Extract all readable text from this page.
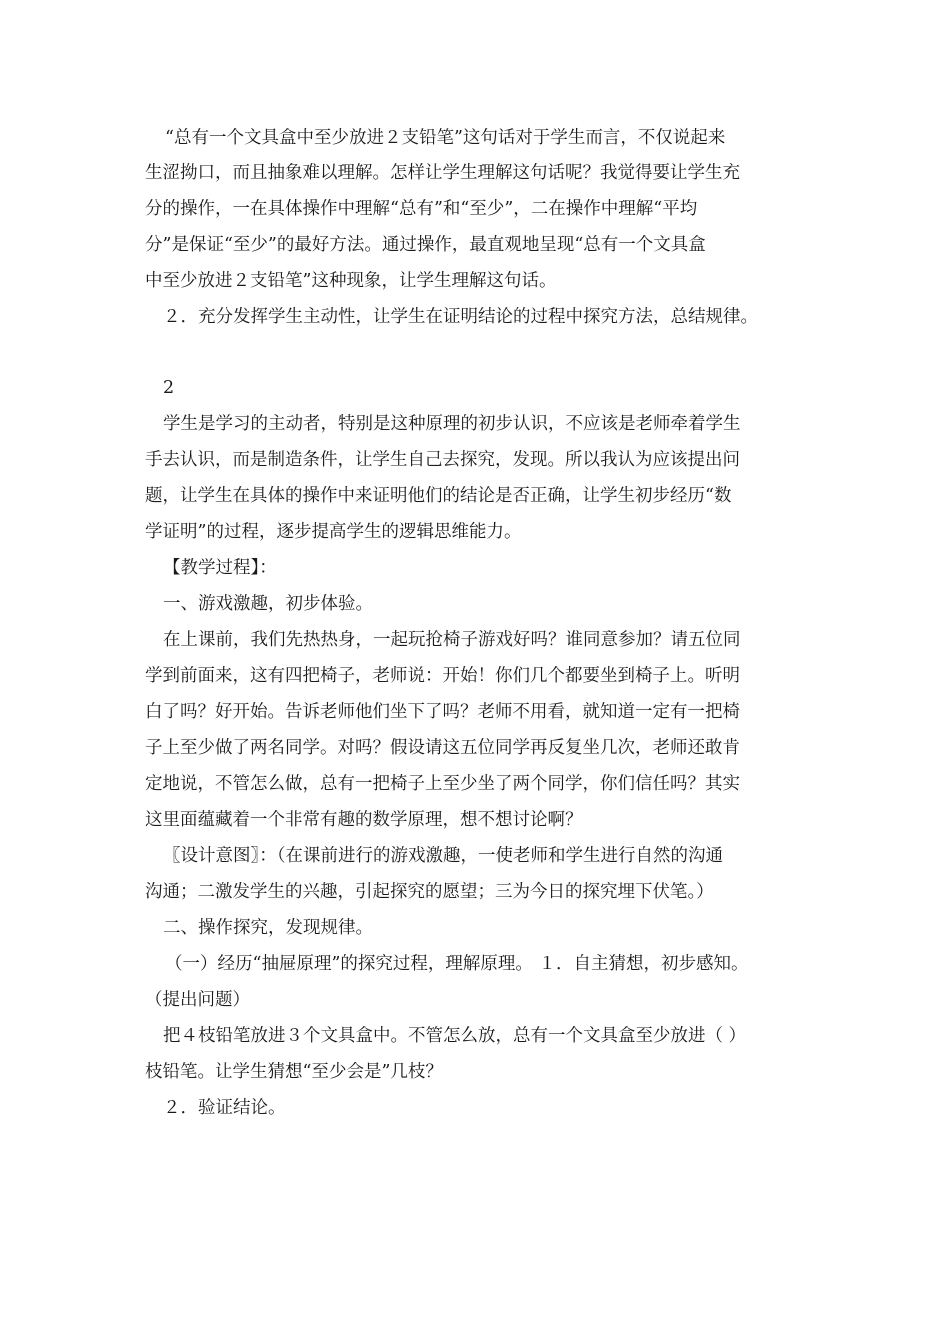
“总有一个文具盒中至少放进２支铅笔”这句话对于学生而言，不仅说起来

生涩拗口，而且抽象难以理解。怎样让学生理解这句话呢？我觉得要让学生充

分的操作，一在具体操作中理解“总有”和“至少”，二在操作中理解“平均

分”是保证“至少”的最好方法。通过操作，最直观地呈现“总有一个文具盒

中至少放进２支铅笔”这种现象，让学生理解这句话。

２．充分发挥学生主动性，让学生在证明结论的过程中探究方法，总结规律。

2

学生是学习的主动者，特别是这种原理的初步认识，不应该是老师牵着学生

手去认识，而是制造条件，让学生自己去探究，发现。所以我认为应该提出问

题，让学生在具体的操作中来证明他们的结论是否正确，让学生初步经历“数

学证明”的过程，逐步提高学生的逻辑思维能力。

【教学过程】：

一、游戏激趣，初步体验。

在上课前，我们先热热身，一起玩抢椅子游戏好吗？谁同意参加？请五位同

学到前面来，这有四把椅子，老师说：开始！你们几个都要坐到椅子上。听明

白了吗？好开始。告诉老师他们坐下了吗？老师不用看，就知道一定有一把椅

子上至少做了两名同学。对吗？假设请这五位同学再反复坐几次，老师还敢肯

定地说，不管怎么做，总有一把椅子上至少坐了两个同学，你们信任吗？其实

这里面蕴藏着一个非常有趣的数学原理，想不想讨论啊？

〖设计意图〗：（在课前进行的游戏激趣，一使老师和学生进行自然的沟通

沟通；二激发学生的兴趣，引起探究的愿望；三为今日的探究埋下伏笔。）

二、操作探究，发现规律。

（一）经历“抽屉原理”的探究过程，理解原理。 １．自主猜想，初步感知。

（提出问题）

把４枝铅笔放进３个文具盒中。不管怎么放，总有一个文具盒至少放进（ ）

枝铅笔。让学生猜想“至少会是”几枝？

２．验证结论。
